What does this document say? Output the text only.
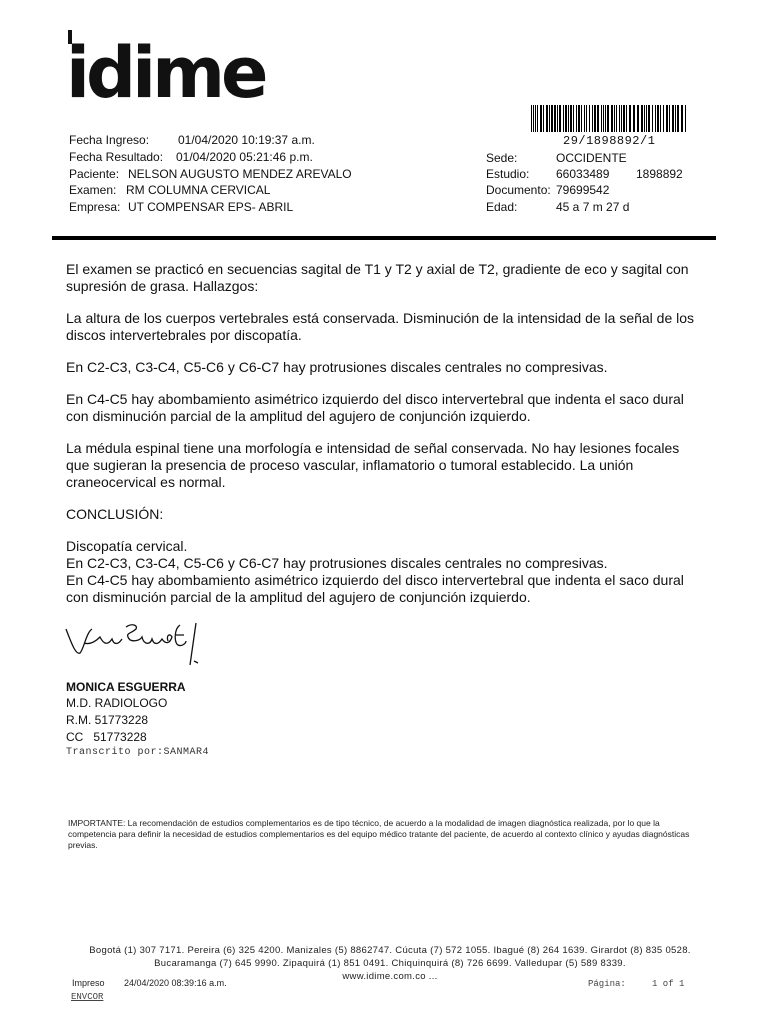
idime
29/1898892/1
Fecha Ingreso: 01/04/2020 10:19:37 a.m.
Fecha Resultado: 01/04/2020 05:21:46 p.m.
Paciente: NELSON AUGUSTO MENDEZ AREVALO
Examen: RM COLUMNA CERVICAL
Empresa: UT COMPENSAR EPS- ABRIL
Sede:	OCCIDENTE
Estudio: 66033489 1898892
Documento: 79699542
Edad:	45 a 7 m 27 d

El examen se practicó en secuencias sagital de T1 y T2 y axial de T2, gradiente de eco y sagital con supresión de grasa. Hallazgos:

La altura de los cuerpos vertebrales está conservada. Disminución de la intensidad de la señal de los discos intervertebrales por discopatía.

En C2-C3, C3-C4, C5-C6 y C6-C7 hay protrusiones discales centrales no compresivas.

En C4-C5 hay abombamiento asimétrico izquierdo del disco intervertebral que indenta el saco dural con disminución parcial de la amplitud del agujero de conjunción izquierdo.

La médula espinal tiene una morfología e intensidad de señal conservada. No hay lesiones focales que sugieran la presencia de proceso vascular, inflamatorio o tumoral establecido. La unión craneocervical es normal.

CONCLUSIÓN:

Discopatía cervical.

En C2-C3, C3-C4, C5-C6 y C6-C7 hay protrusiones discales centrales no compresivas.

En C4-C5 hay abombamiento asimétrico izquierdo del disco intervertebral que indenta el saco dural con disminución parcial de la amplitud del agujero de conjunción izquierdo.

MONICA ESGUERRA
M.D. RADIOLOGO
R.M. 51773228
CC   51773228
Transcrito por:SANMAR4
IMPORTANTE: La recomendación de estudios complementarios es de tipo técnico, de acuerdo a la modalidad de imagen diagnóstica realizada, por lo que la competencia para definir la necesidad de estudios complementarios es del equipo médico tratante del paciente, de acuerdo al contexto clínico y ayudas diagnósticas previas.
Bogotá (1) 307 7171. Pereira (6) 325 4200. Manizales (5) 8862747. Cúcuta (7) 572 1055. Ibagué (8) 264 1639. Girardot (8) 835 0528.
Bucaramanga (7) 645 9990. Zipaquirá (1) 851 0491. Chiquinquirá (8) 726 6699. Valledupar (5) 589 8339.
www.idime.com.co ...
Impreso 24/04/2020 08:39:16 a.m.	Página:	1 of 1
ENVCOR
